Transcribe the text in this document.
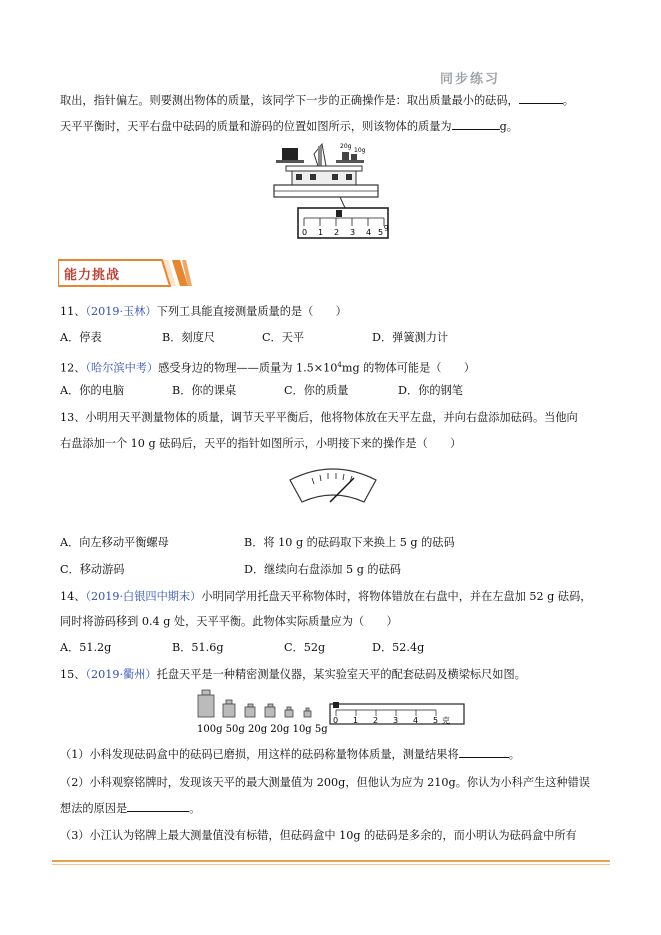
同步练习
取出，指针偏左。则要测出物体的质量，该同学下一步的正确操作是：取出质量最小的砝码，	。
天平平衡时，天平右盘中砝码的质量和游码的位置如图所示，则该物体的质量为	g。
20g
10g
0 1 2 3 4 5
g
能力挑战
11、（2019·玉林）下列工具能直接测量质量的是（　　）
A．停表	B．刻度尺	C．天平	D．弹簧测力计
12、（哈尔滨中考）感受身边的物理——质量为 $1.5\times 10^4mg$ 的物体可能是（　　）
A．你的电脑	B．你的课桌	C．你的质量	D．你的钢笔
13、小明用天平测量物体的质量，调节天平平衡后，他将物体放在天平左盘，并向右盘添加砝码。当他向
右盘添加一个 10 g 砝码后，天平的指针如图所示，小明接下来的操作是（　　）
A．向左移动平衡螺母	B．将 10 g 的砝码取下来换上 5 g 的砝码
C．移动游码	D．继续向右盘添加 5 g 的砝码
14、（2019·白银四中期末）小明同学用托盘天平称物体时，将物体错放在右盘中，并在左盘加 52 g 砝码，
同时将游码移到 0.4 g 处，天平平衡。此物体实际质量应为（　　）
A．51.2g	B．51.6g	C．52g	D．52.4g
15、（2019·衢州）托盘天平是一种精密测量仪器，某实验室天平的配套砝码及横梁标尺如图。
100g 50g 20g 20g 10g 5g
0 1 2 3 4 5 克
（1）小科发现砝码盒中的砝码已磨损，用这样的砝码称量物体质量，测量结果将	。
（2）小科观察铭牌时，发现该天平的最大测量值为 200g，但他认为应为 210g。你认为小科产生这种错误
想法的原因是	。
（3）小江认为铭牌上最大测量值没有标错，但砝码盒中 10g 的砝码是多余的，而小明认为砝码盒中所有
